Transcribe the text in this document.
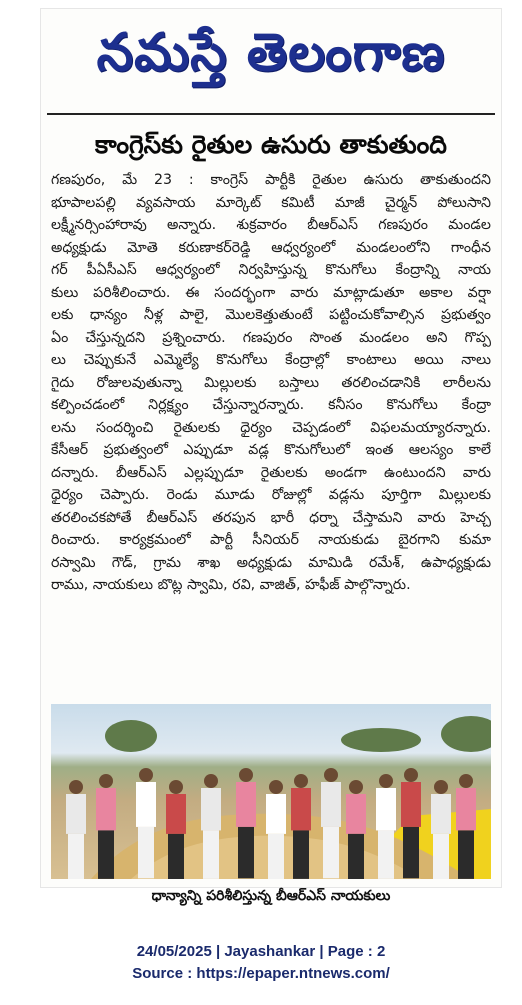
నమస్తే తెలంగాణ
కాంగ్రెస్‌కు రైతుల ఉసురు తాకుతుంది
గణపురం, మే 23 : కాంగ్రెస్ పార్టీకి రైతుల ఉసురు తాకుతుందని
భూపాలపల్లి వ్యవసాయ మార్కెట్ కమిటీ మాజీ చైర్మన్ పోలుసాని
లక్ష్మీనర్సింహారావు అన్నారు. శుక్రవారం బీఆర్ఎస్ గణపురం మండల
అధ్యక్షుడు మోతె కరుణాకర్‌రెడ్డి ఆధ్వర్యంలో మండలంలోని గాంధీన
గర్ పీఏసీఎస్ ఆధ్వర్యంలో నిర్వహిస్తున్న కొనుగోలు కేంద్రాన్ని నాయ
కులు పరిశీలించారు. ఈ సందర్భంగా వారు మాట్లాడుతూ అకాల వర్షా
లకు ధాన్యం నీళ్ల పాలై, మొలకెత్తుతుంటే పట్టించుకోవాల్సిన ప్రభుత్వం
ఏం చేస్తున్నదని ప్రశ్నించారు. గణపురం సొంత మండలం అని గొప్ప
లు చెప్పుకునే ఎమ్మెల్యే కొనుగోలు కేంద్రాల్లో కాంటాలు అయి నాలు
గైదు రోజులవుతున్నా మిల్లులకు బస్తాలు తరలించడానికి లారీలను
కల్పించడంలో నిర్లక్ష్యం చేస్తున్నారన్నారు. కనీసం కొనుగోలు కేంద్రా
లను సందర్శించి రైతులకు ధైర్యం చెప్పడంలో విఫలమయ్యారన్నారు.
కేసీఆర్ ప్రభుత్వంలో ఎప్పుడూ వడ్ల కొనుగోలులో ఇంత ఆలస్యం కాలే
దన్నారు. బీఆర్ఎస్ ఎల్లప్పుడూ రైతులకు అండగా ఉంటుందని వారు
ధైర్యం చెప్పారు. రెండు మూడు రోజుల్లో వడ్లను పూర్తిగా మిల్లులకు
తరలించకపోతే బీఆర్ఎస్ తరపున భారీ ధర్నా చేస్తామని వారు హెచ్చ
రించారు. కార్యక్రమంలో పార్టీ సీనియర్ నాయకుడు బైరగాని కుమా
రస్వామి గౌడ్, గ్రామ శాఖ అధ్యక్షుడు మామిడి రమేశ్, ఉపాధ్యక్షుడు
రాము, నాయకులు బొట్ల స్వామి, రవి, వాజిత్, హఫీజ్ పాల్గొన్నారు.
ధాన్యాన్ని పరిశీలిస్తున్న బీఆర్ఎస్ నాయకులు
24/05/2025 | Jayashankar | Page : 2
Source : https://epaper.ntnews.com/
